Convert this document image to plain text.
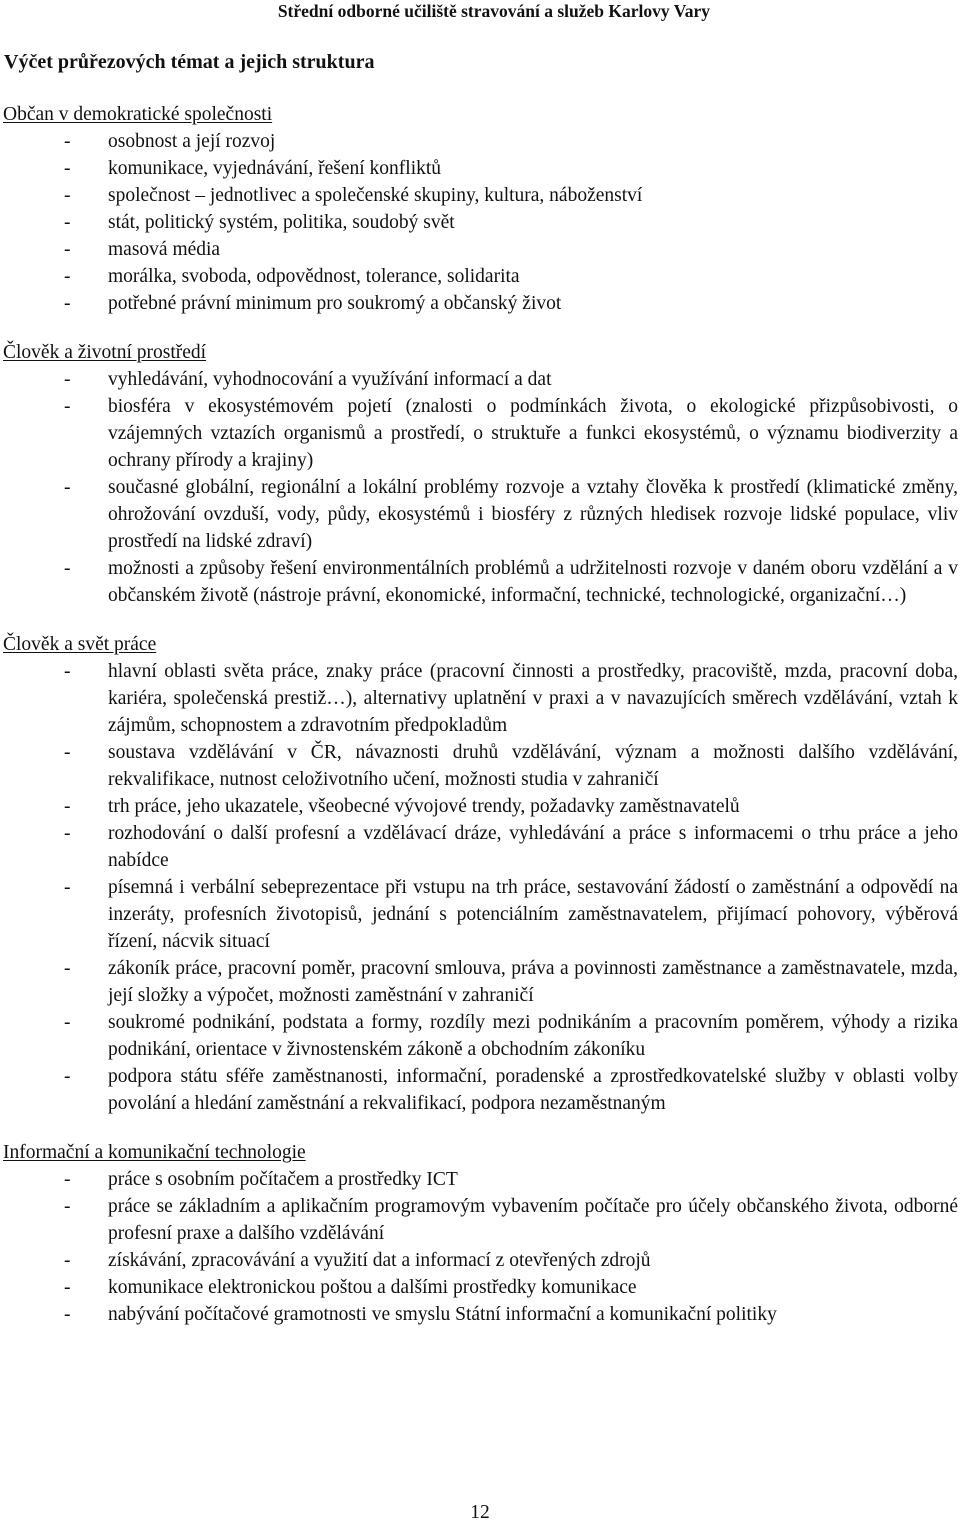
Střední odborné učiliště stravování a služeb Karlovy Vary
Výčet průřezových témat a jejich struktura
Občan v demokratické společnosti
-	osobnost a její rozvoj
-	komunikace, vyjednávání, řešení konfliktů
-	společnost – jednotlivec a společenské skupiny, kultura, náboženství
-	stát, politický systém, politika, soudobý svět
-	masová média
-	morálka, svoboda, odpovědnost, tolerance, solidarita
-	potřebné právní minimum pro soukromý a občanský život
Člověk a životní prostředí
-	vyhledávání, vyhodnocování a využívání informací a dat
-	biosféra v ekosystémovém pojetí (znalosti o podmínkách života, o ekologické přizpůsobivosti, o vzájemných vztazích organismů a prostředí, o struktuře a funkci ekosystémů, o významu biodiverzity a ochrany přírody a krajiny)
-	současné globální, regionální a lokální problémy rozvoje a vztahy člověka k prostředí (klimatické změny, ohrožování ovzduší, vody, půdy, ekosystémů i biosféry z různých hledisek rozvoje lidské populace, vliv prostředí na lidské zdraví)
-	možnosti a způsoby řešení environmentálních problémů a udržitelnosti rozvoje v daném oboru vzdělání a v občanském životě (nástroje právní, ekonomické, informační, technické, technologické, organizační…)
Člověk a svět práce
-	hlavní oblasti světa práce, znaky práce (pracovní činnosti a prostředky, pracoviště, mzda, pracovní doba, kariéra, společenská prestiž…), alternativy uplatnění v praxi a v navazujících směrech vzdělávání, vztah k zájmům, schopnostem a zdravotním předpokladům
-	soustava vzdělávání v ČR, návaznosti druhů vzdělávání, význam a možnosti dalšího vzdělávání, rekvalifikace, nutnost celoživotního učení, možnosti studia v zahraničí
-	trh práce, jeho ukazatele, všeobecné vývojové trendy, požadavky zaměstnavatelů
-	rozhodování o další profesní a vzdělávací dráze, vyhledávání a práce s informacemi o trhu práce a jeho nabídce
-	písemná i verbální sebeprezentace při vstupu na trh práce, sestavování žádostí o zaměstnání a odpovědí na inzeráty, profesních životopisů, jednání s potenciálním zaměstnavatelem, přijímací pohovory, výběrová řízení, nácvik situací
-	zákoník práce, pracovní poměr, pracovní smlouva, práva a povinnosti zaměstnance a zaměstnavatele, mzda, její složky a výpočet, možnosti zaměstnání v zahraničí
-	soukromé podnikání, podstata a formy, rozdíly mezi podnikáním a pracovním poměrem, výhody a rizika podnikání, orientace v živnostenském zákoně a obchodním zákoníku
-	podpora státu sféře zaměstnanosti, informační, poradenské a zprostředkovatelské služby v oblasti volby povolání a hledání zaměstnání a rekvalifikací, podpora nezaměstnaným
Informační a komunikační technologie
-	práce s osobním počítačem a prostředky ICT
-	práce se základním a aplikačním programovým vybavením počítače pro účely občanského života, odborné profesní praxe a dalšího vzdělávání
-	získávání, zpracovávání a využití dat a informací z otevřených zdrojů
-	komunikace elektronickou poštou a dalšími prostředky komunikace
-	nabývání počítačové gramotnosti ve smyslu Státní informační a komunikační politiky
12
